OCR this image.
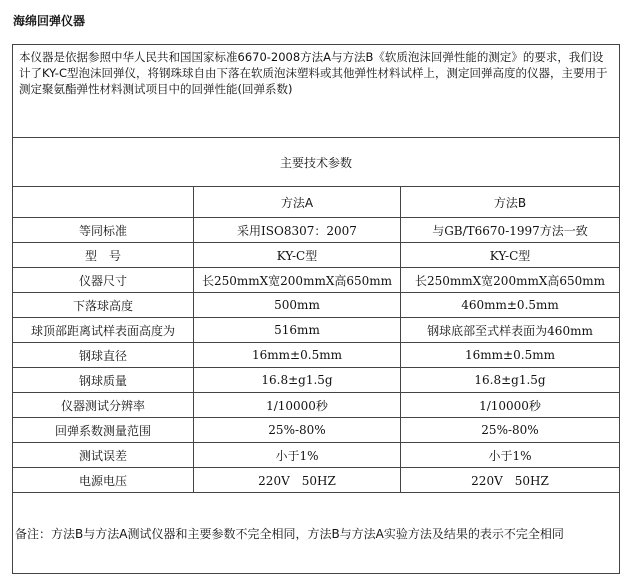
海绵回弹仪器
本仪器是依据参照中华人民共和国国家标准6670-2008方法A与方法B《软质泡沫回弹性能的测定》的要求，我们设计了KY-C型泡沫回弹仪，将钢珠球自由下落在软质泡沫塑料或其他弹性材料试样上，测定回弹高度的仪器，主要用于测定聚氨酯弹性材料测试项目中的回弹性能(回弹系数)		
主要技术参数		
	方法A	方法B
等同标准	采用ISO8307：2007	与GB/T6670-1997方法一致
型　号	KY-C型	KY-C型
仪器尺寸	长250mmX宽200mmX高650mm	长250mmX宽200mmX高650mm
下落球高度	500mm	460mm±0.5mm
球顶部距离试样表面高度为	516mm	钢球底部至式样表面为460mm
钢球直径	16mm±0.5mm	16mm±0.5mm
钢球质量	16.8±g1.5g	16.8±g1.5g
仪器测试分辨率	1/10000秒	1/10000秒
回弹系数测量范围	25%-80%	25%-80%
测试误差	小于1%	小于1%
电源电压	220V　50HZ	220V　50HZ
备注：方法B与方法A测试仪器和主要参数不完全相同，方法B与方法A实验方法及结果的表示不完全相同		
